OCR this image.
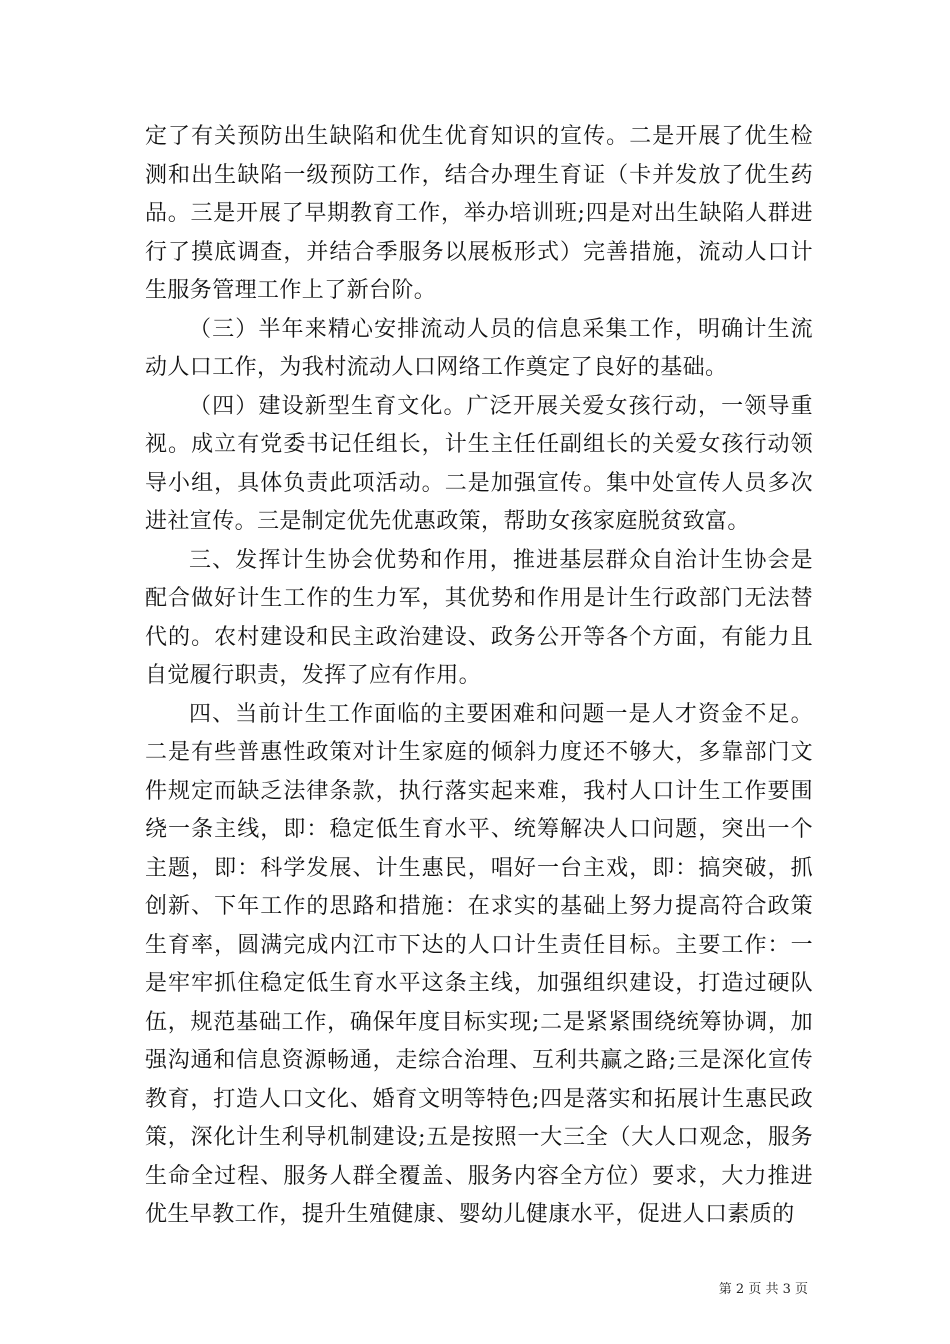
定了有关预防出生缺陷和优生优育知识的宣传。二是开展了优生检测和出生缺陷一级预防工作，结合办理生育证（卡并发放了优生药品。三是开展了早期教育工作，举办培训班;四是对出生缺陷人群进行了摸底调查，并结合季服务以展板形式）完善措施，流动人口计生服务管理工作上了新台阶。

（三）半年来精心安排流动人员的信息采集工作，明确计生流动人口工作，为我村流动人口网络工作奠定了良好的基础。

（四）建设新型生育文化。广泛开展关爱女孩行动，一领导重视。成立有党委书记任组长，计生主任任副组长的关爱女孩行动领导小组，具体负责此项活动。二是加强宣传。集中处宣传人员多次进社宣传。三是制定优先优惠政策，帮助女孩家庭脱贫致富。

三、发挥计生协会优势和作用，推进基层群众自治计生协会是配合做好计生工作的生力军，其优势和作用是计生行政部门无法替代的。农村建设和民主政治建设、政务公开等各个方面，有能力且自觉履行职责，发挥了应有作用。

四、当前计生工作面临的主要困难和问题一是人才资金不足。二是有些普惠性政策对计生家庭的倾斜力度还不够大，多靠部门文件规定而缺乏法律条款，执行落实起来难，我村人口计生工作要围绕一条主线，即：稳定低生育水平、统筹解决人口问题，突出一个主题，即：科学发展、计生惠民，唱好一台主戏，即：搞突破，抓创新、下年工作的思路和措施：在求实的基础上努力提高符合政策生育率，圆满完成内江市下达的人口计生责任目标。主要工作：一是牢牢抓住稳定低生育水平这条主线，加强组织建设，打造过硬队伍，规范基础工作，确保年度目标实现;二是紧紧围绕统筹协调，加强沟通和信息资源畅通，走综合治理、互利共赢之路;三是深化宣传教育，打造人口文化、婚育文明等特色;四是落实和拓展计生惠民政策，深化计生利导机制建设;五是按照一大三全（大人口观念，服务生命全过程、服务人群全覆盖、服务内容全方位）要求，大力推进优生早教工作，提升生殖健康、婴幼儿健康水平，促进人口素质的

第 2 页 共 3 页
